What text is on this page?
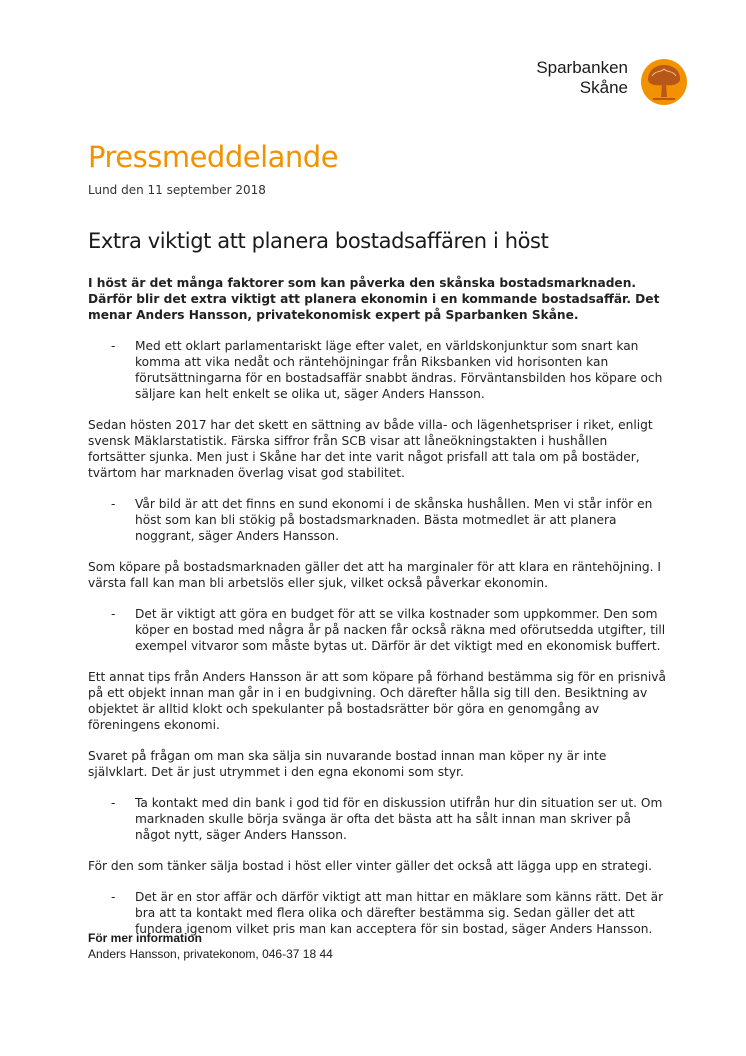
Sparbanken
Skåne
Pressmeddelande
Lund den 11 september 2018
Extra viktigt att planera bostadsaffären i höst

I höst är det många faktorer som kan påverka den skånska bostadsmarknaden. Därför blir det extra viktigt att planera ekonomin i en kommande bostadsaffär. Det menar Anders Hansson, privatekonomisk expert på Sparbanken Skåne.

- Med ett oklart parlamentariskt läge efter valet, en världskonjunktur som snart kan komma att vika nedåt och räntehöjningar från Riksbanken vid horisonten kan förutsättningarna för en bostadsaffär snabbt ändras. Förväntansbilden hos köpare och säljare kan helt enkelt se olika ut, säger Anders Hansson.

Sedan hösten 2017 har det skett en sättning av både villa- och lägenhetspriser i riket, enligt svensk Mäklarstatistik. Färska siffror från SCB visar att låneökningstakten i hushållen fortsätter sjunka. Men just i Skåne har det inte varit något prisfall att tala om på bostäder, tvärtom har marknaden överlag visat god stabilitet.

- Vår bild är att det finns en sund ekonomi i de skånska hushållen. Men vi står inför en höst som kan bli stökig på bostadsmarknaden. Bästa motmedlet är att planera noggrant, säger Anders Hansson.

Som köpare på bostadsmarknaden gäller det att ha marginaler för att klara en räntehöjning. I värsta fall kan man bli arbetslös eller sjuk, vilket också påverkar ekonomin.

- Det är viktigt att göra en budget för att se vilka kostnader som uppkommer. Den som köper en bostad med några år på nacken får också räkna med oförutsedda utgifter, till exempel vitvaror som måste bytas ut. Därför är det viktigt med en ekonomisk buffert.

Ett annat tips från Anders Hansson är att som köpare på förhand bestämma sig för en prisnivå på ett objekt innan man går in i en budgivning. Och därefter hålla sig till den. Besiktning av objektet är alltid klokt och spekulanter på bostadsrätter bör göra en genomgång av föreningens ekonomi.

Svaret på frågan om man ska sälja sin nuvarande bostad innan man köper ny är inte självklart. Det är just utrymmet i den egna ekonomi som styr.

- Ta kontakt med din bank i god tid för en diskussion utifrån hur din situation ser ut. Om marknaden skulle börja svänga är ofta det bästa att ha sålt innan man skriver på något nytt, säger Anders Hansson.

För den som tänker sälja bostad i höst eller vinter gäller det också att lägga upp en strategi.

- Det är en stor affär och därför viktigt att man hittar en mäklare som känns rätt. Det är bra att ta kontakt med flera olika och därefter bestämma sig. Sedan gäller det att fundera igenom vilket pris man kan acceptera för sin bostad, säger Anders Hansson.

För mer information
Anders Hansson, privatekonom, 046-37 18 44
